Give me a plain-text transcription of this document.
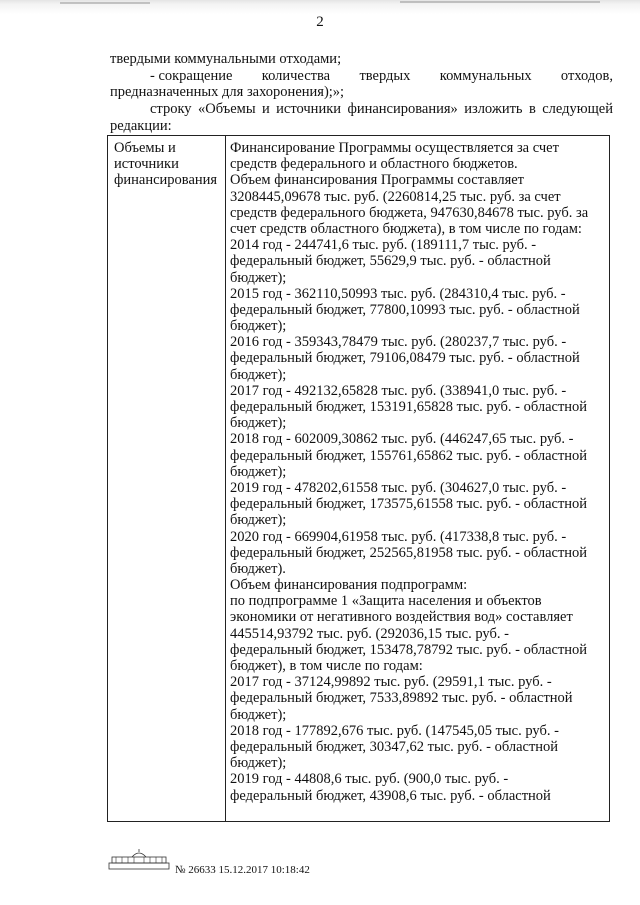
2
твердыми коммунальными отходами;
- сокращение количества твердых коммунальных отходов,
предназначенных для захоронения);»;
строку «Объемы и источники финансирования» изложить в следующей
редакции:
Объемы и
источники
финансирования
Финансирование Программы осуществляется за счет
средств федерального и областного бюджетов.
Объем финансирования Программы составляет
3208445,09678 тыс. руб. (2260814,25 тыс. руб. за счет
средств федерального бюджета, 947630,84678 тыс. руб. за
счет средств областного бюджета), в том числе по годам:
2014 год - 244741,6 тыс. руб. (189111,7 тыс. руб. -
федеральный бюджет, 55629,9 тыс. руб. - областной
бюджет);
2015 год - 362110,50993 тыс. руб. (284310,4 тыс. руб. -
федеральный бюджет, 77800,10993 тыс. руб. - областной
бюджет);
2016 год - 359343,78479 тыс. руб. (280237,7 тыс. руб. -
федеральный бюджет, 79106,08479 тыс. руб. - областной
бюджет);
2017 год - 492132,65828 тыс. руб. (338941,0 тыс. руб. -
федеральный бюджет, 153191,65828 тыс. руб. - областной
бюджет);
2018 год - 602009,30862 тыс. руб. (446247,65 тыс. руб. -
федеральный бюджет, 155761,65862 тыс. руб. - областной
бюджет);
2019 год - 478202,61558 тыс. руб. (304627,0 тыс. руб. -
федеральный бюджет, 173575,61558 тыс. руб. - областной
бюджет);
2020 год - 669904,61958 тыс. руб. (417338,8 тыс. руб. -
федеральный бюджет, 252565,81958 тыс. руб. - областной
бюджет).
Объем финансирования подпрограмм:
по подпрограмме 1 «Защита населения и объектов
экономики от негативного воздействия вод» составляет
445514,93792 тыс. руб. (292036,15 тыс. руб. -
федеральный бюджет, 153478,78792 тыс. руб. - областной
бюджет), в том числе по годам:
2017 год - 37124,99892 тыс. руб. (29591,1 тыс. руб. -
федеральный бюджет, 7533,89892 тыс. руб. - областной
бюджет);
2018 год - 177892,676 тыс. руб. (147545,05 тыс. руб. -
федеральный бюджет, 30347,62 тыс. руб. - областной
бюджет);
2019 год - 44808,6 тыс. руб. (900,0 тыс. руб. -
федеральный бюджет, 43908,6 тыс. руб. - областной
№ 26633 15.12.2017 10:18:42
